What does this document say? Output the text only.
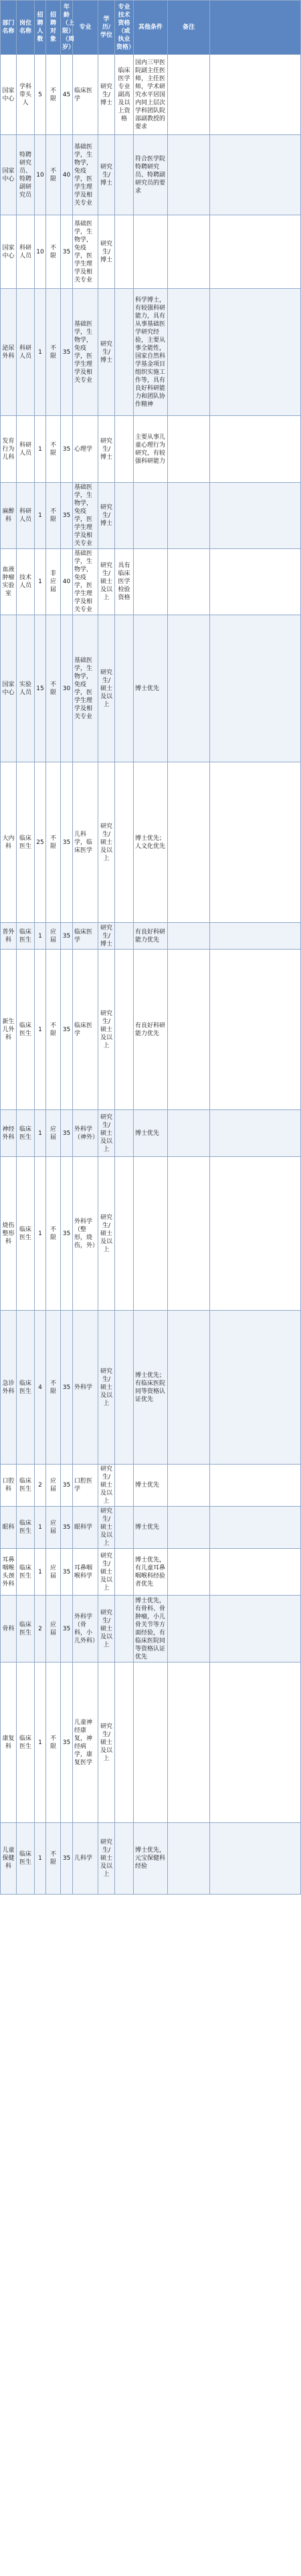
部门名称	岗位名称	招聘人数	招聘对象	年龄（上限）（周岁）	专业	学历/学位	专业技术资格（或执业资格）	其他条件	备注	
国家中心	学科带头人	5	不限	45	临床医学	研究生/博士	临床医学专业副高及以上资格	国内三甲医院副主任医师，主任医师，学术研究水平居国内同上层次学科团队院部副教授的要求		
国家中心	特聘研究员、特聘副研究员	10	不限	40	基础医学，生物学，免疫学，医学生理学及相关专业	研究生/博士		符合医学院特聘研究员、特聘副研究员的要求		
国家中心	科研人员	10	不限	35	基础医学，生物学，免疫学，医学生理学及相关专业	研究生/博士				
泌尿外科	科研人员	1	不限	35	基础医学，生物学，免疫学，医学生理学及相关专业	研究生/博士		科学博士，有较强科研能力，具有从事基础医学研究经验，主要从事全能性，国家自然科学基金项目组织实施工作等，具有良好科研能力和团队协作精神		
发育行为儿科	科研人员	1	不限	35	心理学	研究生/博士		主要从事儿童心理行为研究，有较强科研能力		
麻醉科	科研人员	1	不限	35	基础医学，生物学，免疫学，医学生理学及相关专业	研究生/博士				
血液肿瘤实验室	技术人员	1	非应届	40	基础医学，生物学，免疫学，医学生理学及相关专业	研究生/硕士及以上	具有临床医学检验资格			
国家中心	实验人员	15	不限	30	基础医学，生物学，免疫学，医学生理学及相关专业	研究生/硕士及以上		博士优先		
大内科	临床医生	25	不限	35	儿科学，临床医学	研究生/硕士及以上		博士优先；人文化优先		
普外科	临床医生	1	应届	35	临床医学	研究生/博士		有良好科研能力优先		
新生儿外科	临床医生	1	不限	35	临床医学	研究生/硕士及以上		有良好科研能力优先		
神经外科	临床医生	1	应届	35	外科学（神外）	研究生/硕士及以上		博士优先		
烧伤整形科	临床医生	1	不限	35	外科学（整形，烧伤，外）	研究生/硕士及以上				
急诊外科	临床医生	4	不限	35	外科学	研究生/硕士及以上		博士优先；有临床医院同等资格认证优先		
口腔科	临床医生	2	应届	35	口腔医学	研究生/硕士及以上		博士优先		
眼科	临床医生	1	应届	35	眼科学	研究生/硕士及以上		博士优先		
耳鼻咽喉头颈外科	临床医生	1	应届	35	耳鼻咽喉科学	研究生/硕士及以上		博士优先，有儿童耳鼻咽喉科经验者优先		
骨科	临床医生	2	应届	35	外科学（骨科，小儿外科）	研究生/硕士及以上		博士优先，有骨科、骨肿瘤，小儿骨关节等方面经验，有临床医院同等资格认证优先		
康复科	临床医生	1	不限	35	儿童神经康复，神经病学，康复医学	研究生/硕士及以上				
儿童保健科	临床医生	1	不限	35	儿科学	研究生/硕士及以上		博士优先，元宝保健科经验		
